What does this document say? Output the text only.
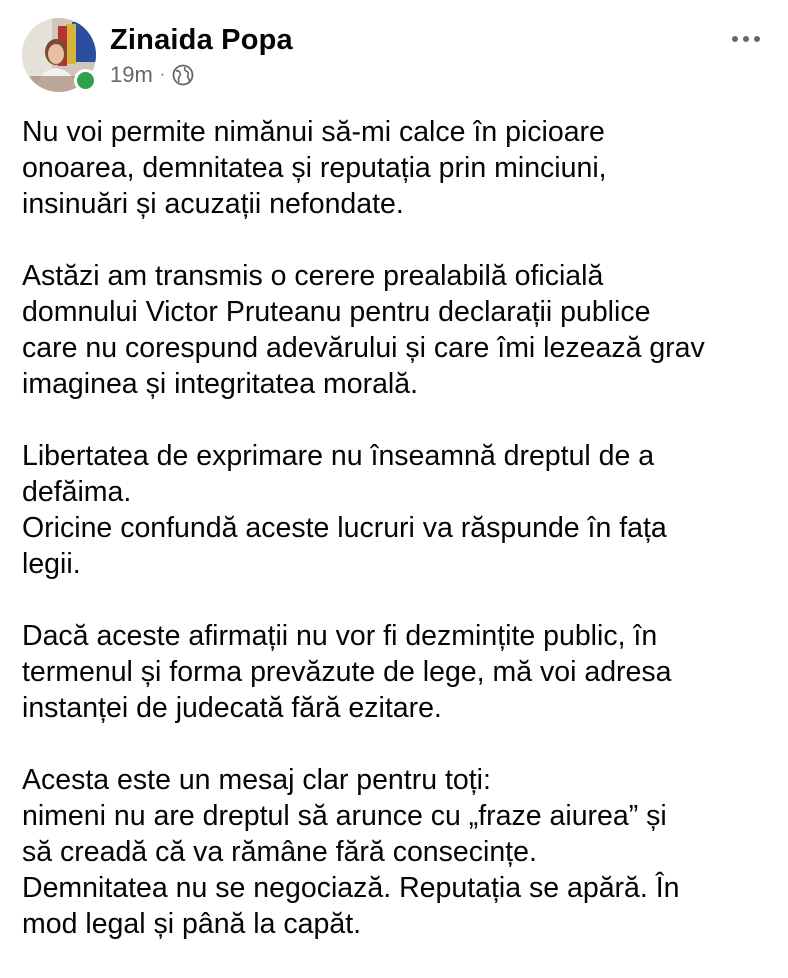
Zinaida Popa
19m ·
Nu voi permite nimănui să-mi calce în picioare
onoarea, demnitatea și reputația prin minciuni,
insinuări și acuzații nefondate.
Astăzi am transmis o cerere prealabilă oficială
domnului Victor Pruteanu pentru declarații publice
care nu corespund adevărului și care îmi lezează grav
imaginea și integritatea morală.
Libertatea de exprimare nu înseamnă dreptul de a
defăima.
Oricine confundă aceste lucruri va răspunde în fața
legii.
Dacă aceste afirmații nu vor fi dezmințite public, în
termenul și forma prevăzute de lege, mă voi adresa
instanței de judecată fără ezitare.
Acesta este un mesaj clar pentru toți:
nimeni nu are dreptul să arunce cu „fraze aiurea” și
să creadă că va rămâne fără consecințe.
Demnitatea nu se negociază. Reputația se apără. În
mod legal și până la capăt.
